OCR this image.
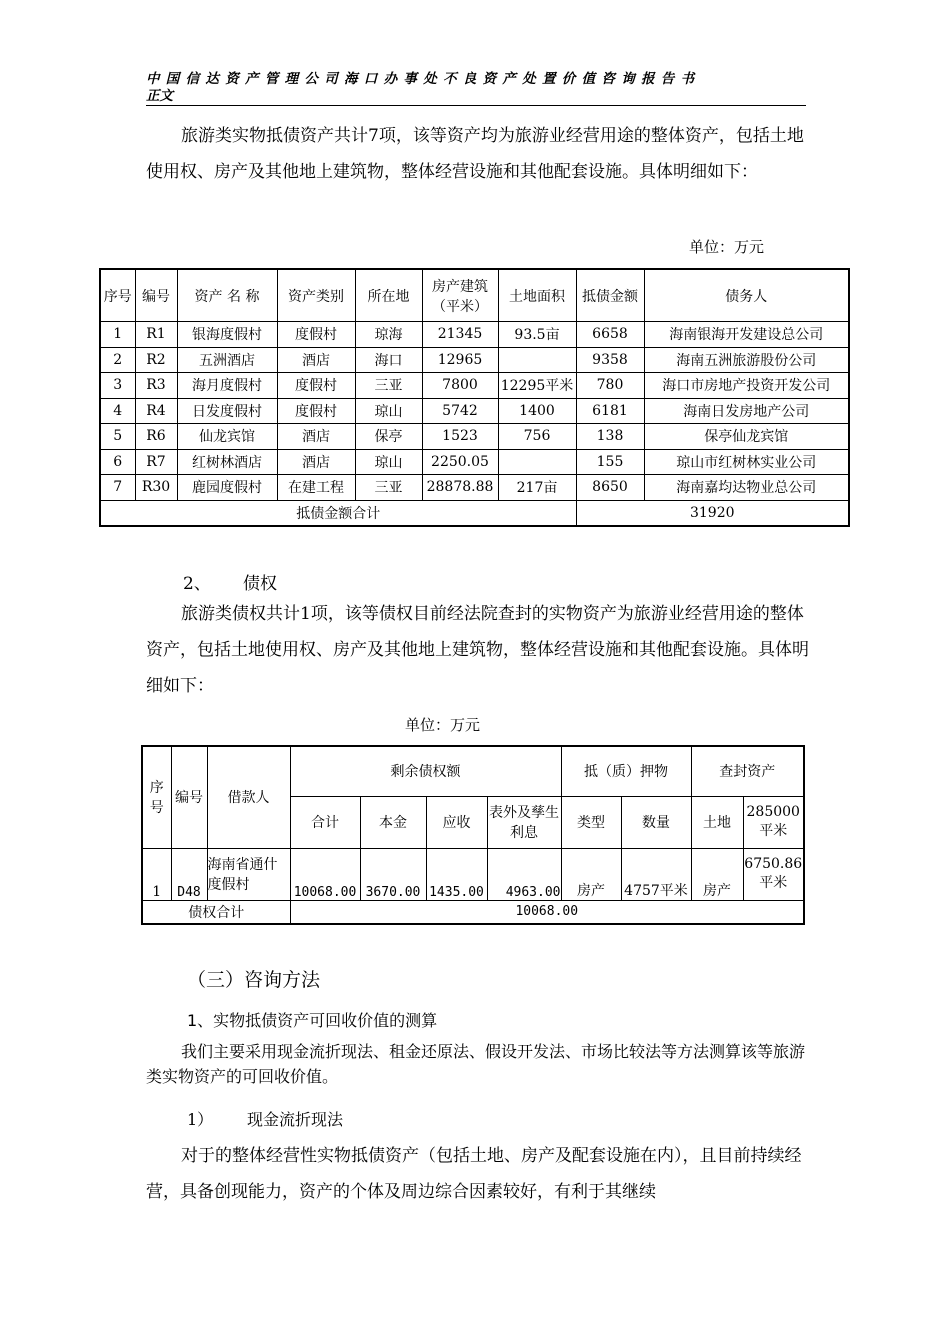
中国信达资产管理公司海口办事处不良资产处置价值咨询报告书
正文

旅游类实物抵债资产共计7项，该等资产均为旅游业经营用途的整体资产，包括土地使用权、房产及其他地上建筑物，整体经营设施和其他配套设施。具体明细如下：

单位：万元
序号	编号	资产 名 称	资产类别	所在地	房产建筑（平米）	土地面积	抵债金额	债务人
1	R1	银海度假村	度假村	琼海	21345	93.5亩	6658	海南银海开发建设总公司
2	R2	五洲酒店	酒店	海口	12965		9358	海南五洲旅游股份公司
3	R3	海月度假村	度假村	三亚	7800	12295平米	780	海口市房地产投资开发公司
4	R4	日发度假村	度假村	琼山	5742	1400	6181	海南日发房地产公司
5	R6	仙龙宾馆	酒店	保亭	1523	756	138	保亭仙龙宾馆
6	R7	红树林酒店	酒店	琼山	2250.05		155	琼山市红树林实业公司
7	R30	鹿园度假村	在建工程	三亚	28878.88	217亩	8650	海南嘉均达物业总公司
抵债金额合计							31920	
2、 债权

旅游类债权共计1项，该等债权目前经法院查封的实物资产为旅游业经营用途的整体资产，包括土地使用权、房产及其他地上建筑物，整体经营设施和其他配套设施。具体明细如下：

单位：万元
序号	编号	借款人	剩余债权额				抵（质）押物		查封资产	
			合计	本金	应收	表外及孳生利息	类型	数量	土地	285000平米
1	D48	海南省通什度假村	10068.00	3670.00	1435.00	4963.00	房产	4757平米	房产	6750.86平米
债权合计			10068.00							
（三）咨询方法
1、实物抵债资产可回收价值的测算

我们主要采用现金流折现法、租金还原法、假设开发法、市场比较法等方法测算该等旅游类实物资产的可回收价值。

1） 现金流折现法

对于的整体经营性实物抵债资产（包括土地、房产及配套设施在内），且目前持续经营，具备创现能力，资产的个体及周边综合因素较好，有利于其继续
